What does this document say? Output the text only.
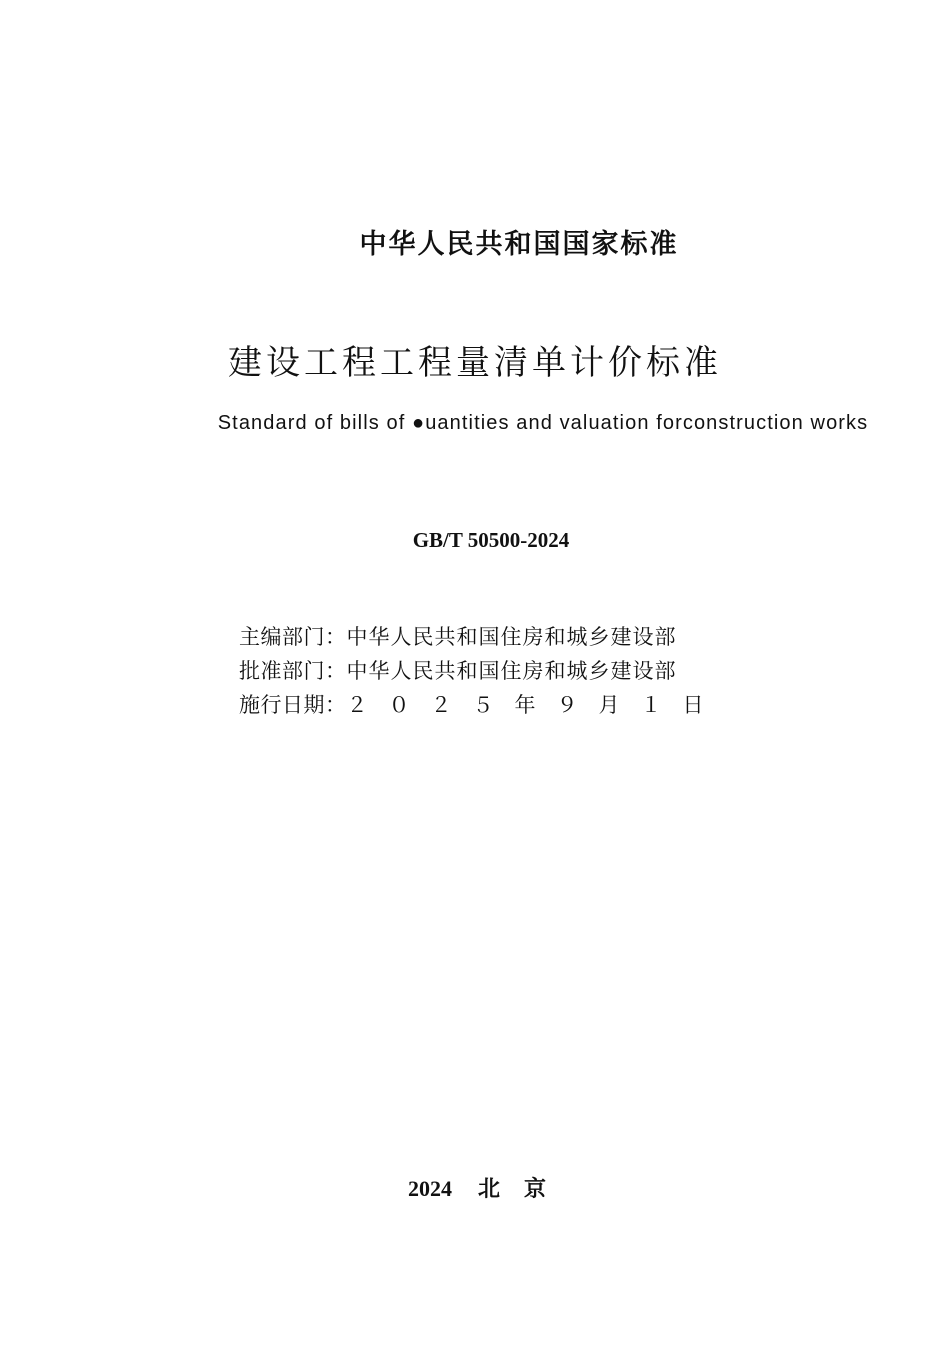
中华人民共和国国家标准
建设工程工程量清单计价标准
Standard of bills of ●uantities and valuation forconstruction works
GB/T 50500-2024
主编部门：中华人民共和国住房和城乡建设部
批准部门：中华人民共和国住房和城乡建设部
施行日期：２　０　２　５　年　９　月　１　日
2024 北京
